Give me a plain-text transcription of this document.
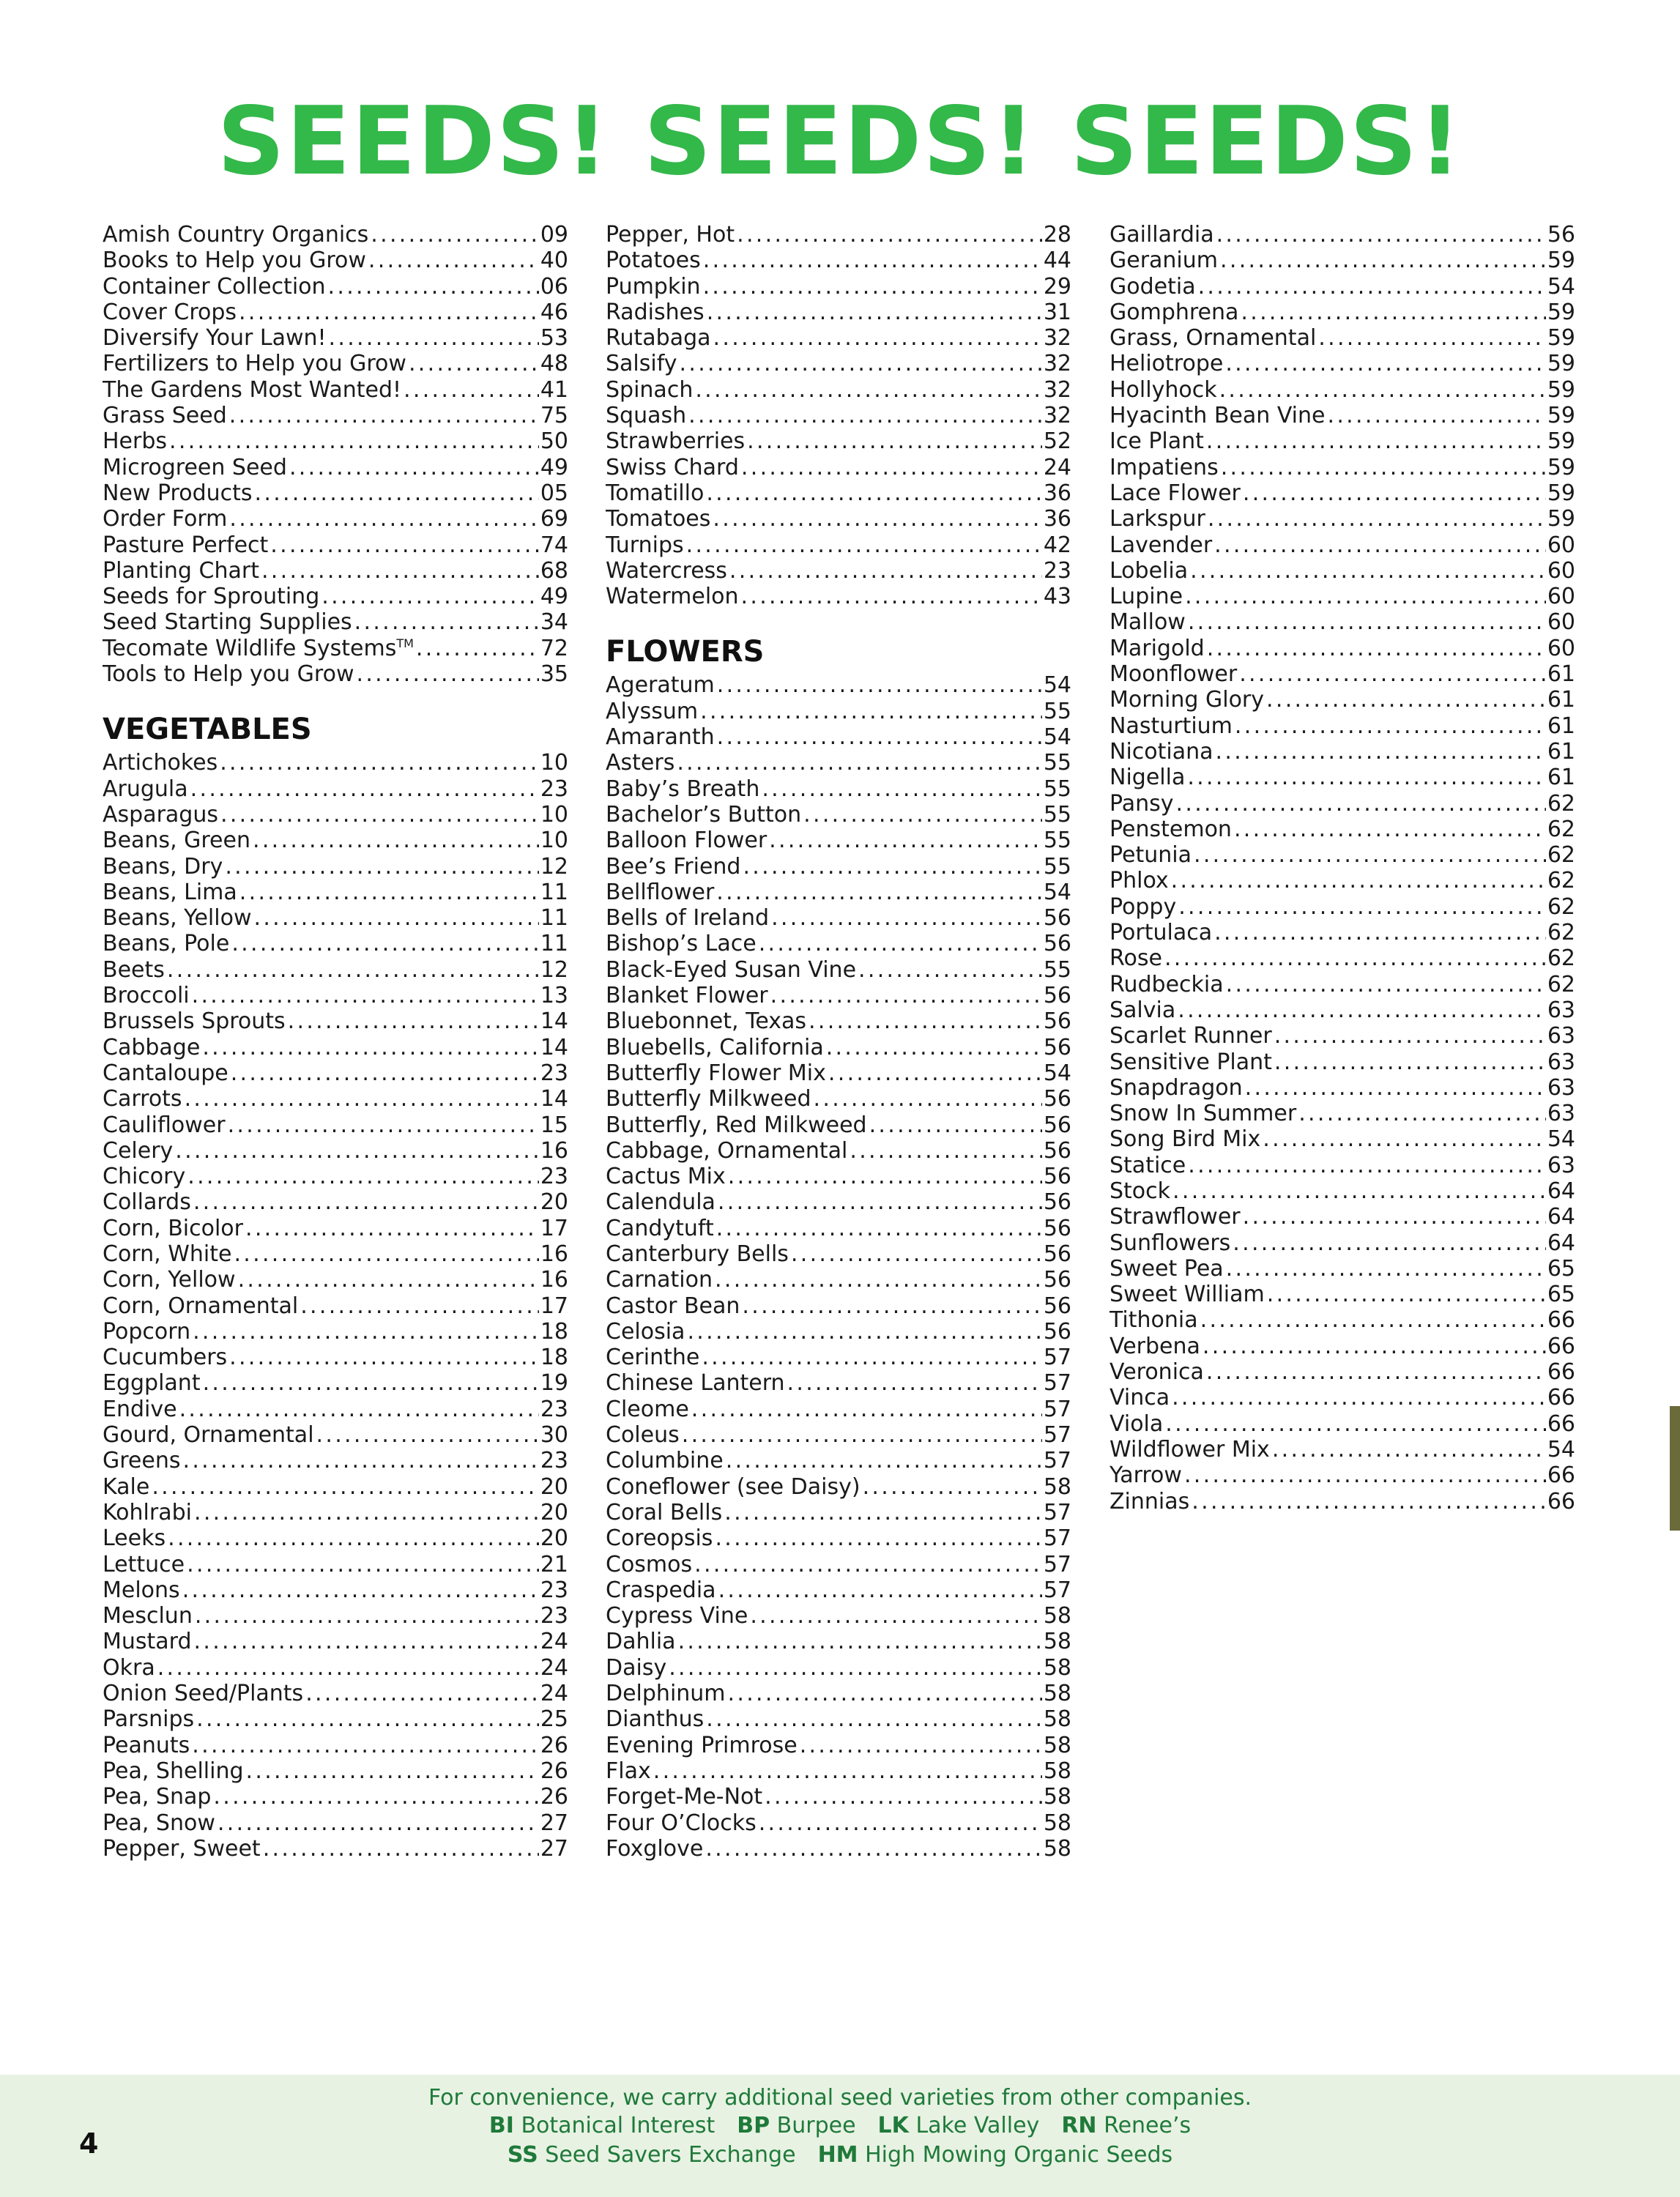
SEEDS! SEEDS! SEEDS!
Amish Country Organics .....	09
Books to Help you Grow .....	40
Container Collection .....	06
Cover Crops .....	46
Diversify Your Lawn! .....	53
Fertilizers to Help you Grow .....	48
The Gardens Most Wanted! .....	41
Grass Seed .....	75
Herbs .....	50
Microgreen Seed .....	49
New Products .....	05
Order Form .....	69
Pasture Perfect .....	74
Planting Chart .....	68
Seeds for Sprouting .....	49
Seed Starting Supplies .....	34
Tecomate Wildlife Systems™ .....	72
Tools to Help you Grow .....	35
VEGETABLES
Artichokes .....	10
Arugula .....	23
Asparagus .....	10
Beans, Green .....	10
Beans, Dry .....	12
Beans, Lima .....	11
Beans, Yellow .....	11
Beans, Pole .....	11
Beets .....	12
Broccoli .....	13
Brussels Sprouts .....	14
Cabbage .....	14
Cantaloupe .....	23
Carrots .....	14
Cauliflower .....	15
Celery .....	16
Chicory .....	23
Collards .....	20
Corn, Bicolor .....	17
Corn, White .....	16
Corn, Yellow .....	16
Corn, Ornamental .....	17
Popcorn .....	18
Cucumbers .....	18
Eggplant .....	19
Endive .....	23
Gourd, Ornamental .....	30
Greens .....	23
Kale .....	20
Kohlrabi .....	20
Leeks .....	20
Lettuce .....	21
Melons .....	23
Mesclun .....	23
Mustard .....	24
Okra .....	24
Onion Seed/Plants .....	24
Parsnips .....	25
Peanuts .....	26
Pea, Shelling .....	26
Pea, Snap .....	26
Pea, Snow .....	27
Pepper, Sweet .....	27
Pepper, Hot .....	28
Potatoes .....	44
Pumpkin .....	29
Radishes .....	31
Rutabaga .....	32
Salsify .....	32
Spinach .....	32
Squash .....	32
Strawberries .....	52
Swiss Chard .....	24
Tomatillo .....	36
Tomatoes .....	36
Turnips .....	42
Watercress .....	23
Watermelon .....	43
FLOWERS
Ageratum .....	54
Alyssum .....	55
Amaranth .....	54
Asters .....	55
Baby’s Breath .....	55
Bachelor’s Button .....	55
Balloon Flower .....	55
Bee’s Friend .....	55
Bellflower .....	54
Bells of Ireland .....	56
Bishop’s Lace .....	56
Black-Eyed Susan Vine .....	55
Blanket Flower .....	56
Bluebonnet, Texas .....	56
Bluebells, California .....	56
Butterfly Flower Mix .....	54
Butterfly Milkweed .....	56
Butterfly, Red Milkweed .....	56
Cabbage, Ornamental .....	56
Cactus Mix .....	56
Calendula .....	56
Candytuft .....	56
Canterbury Bells .....	56
Carnation .....	56
Castor Bean .....	56
Celosia .....	56
Cerinthe .....	57
Chinese Lantern .....	57
Cleome .....	57
Coleus .....	57
Columbine .....	57
Coneflower (see Daisy) .....	58
Coral Bells .....	57
Coreopsis .....	57
Cosmos .....	57
Craspedia .....	57
Cypress Vine .....	58
Dahlia .....	58
Daisy .....	58
Delphinum .....	58
Dianthus .....	58
Evening Primrose .....	58
Flax .....	58
Forget-Me-Not .....	58
Four O’Clocks .....	58
Foxglove .....	58
Gaillardia .....	56
Geranium .....	59
Godetia .....	54
Gomphrena .....	59
Grass, Ornamental .....	59
Heliotrope .....	59
Hollyhock .....	59
Hyacinth Bean Vine .....	59
Ice Plant .....	59
Impatiens .....	59
Lace Flower .....	59
Larkspur .....	59
Lavender .....	60
Lobelia .....	60
Lupine .....	60
Mallow .....	60
Marigold .....	60
Moonflower .....	61
Morning Glory .....	61
Nasturtium .....	61
Nicotiana .....	61
Nigella .....	61
Pansy .....	62
Penstemon .....	62
Petunia .....	62
Phlox .....	62
Poppy .....	62
Portulaca .....	62
Rose .....	62
Rudbeckia .....	62
Salvia .....	63
Scarlet Runner .....	63
Sensitive Plant .....	63
Snapdragon .....	63
Snow In Summer .....	63
Song Bird Mix .....	54
Statice .....	63
Stock .....	64
Strawflower .....	64
Sunflowers .....	64
Sweet Pea .....	65
Sweet William .....	65
Tithonia .....	66
Verbena .....	66
Veronica .....	66
Vinca .....	66
Viola .....	66
Wildflower Mix .....	54
Yarrow .....	66
Zinnias .....	66
For convenience, we carry additional seed varieties from other companies.
BI Botanical Interest BP Burpee LK Lake Valley RN Renee’s
SS Seed Savers Exchange HM High Mowing Organic Seeds
4
